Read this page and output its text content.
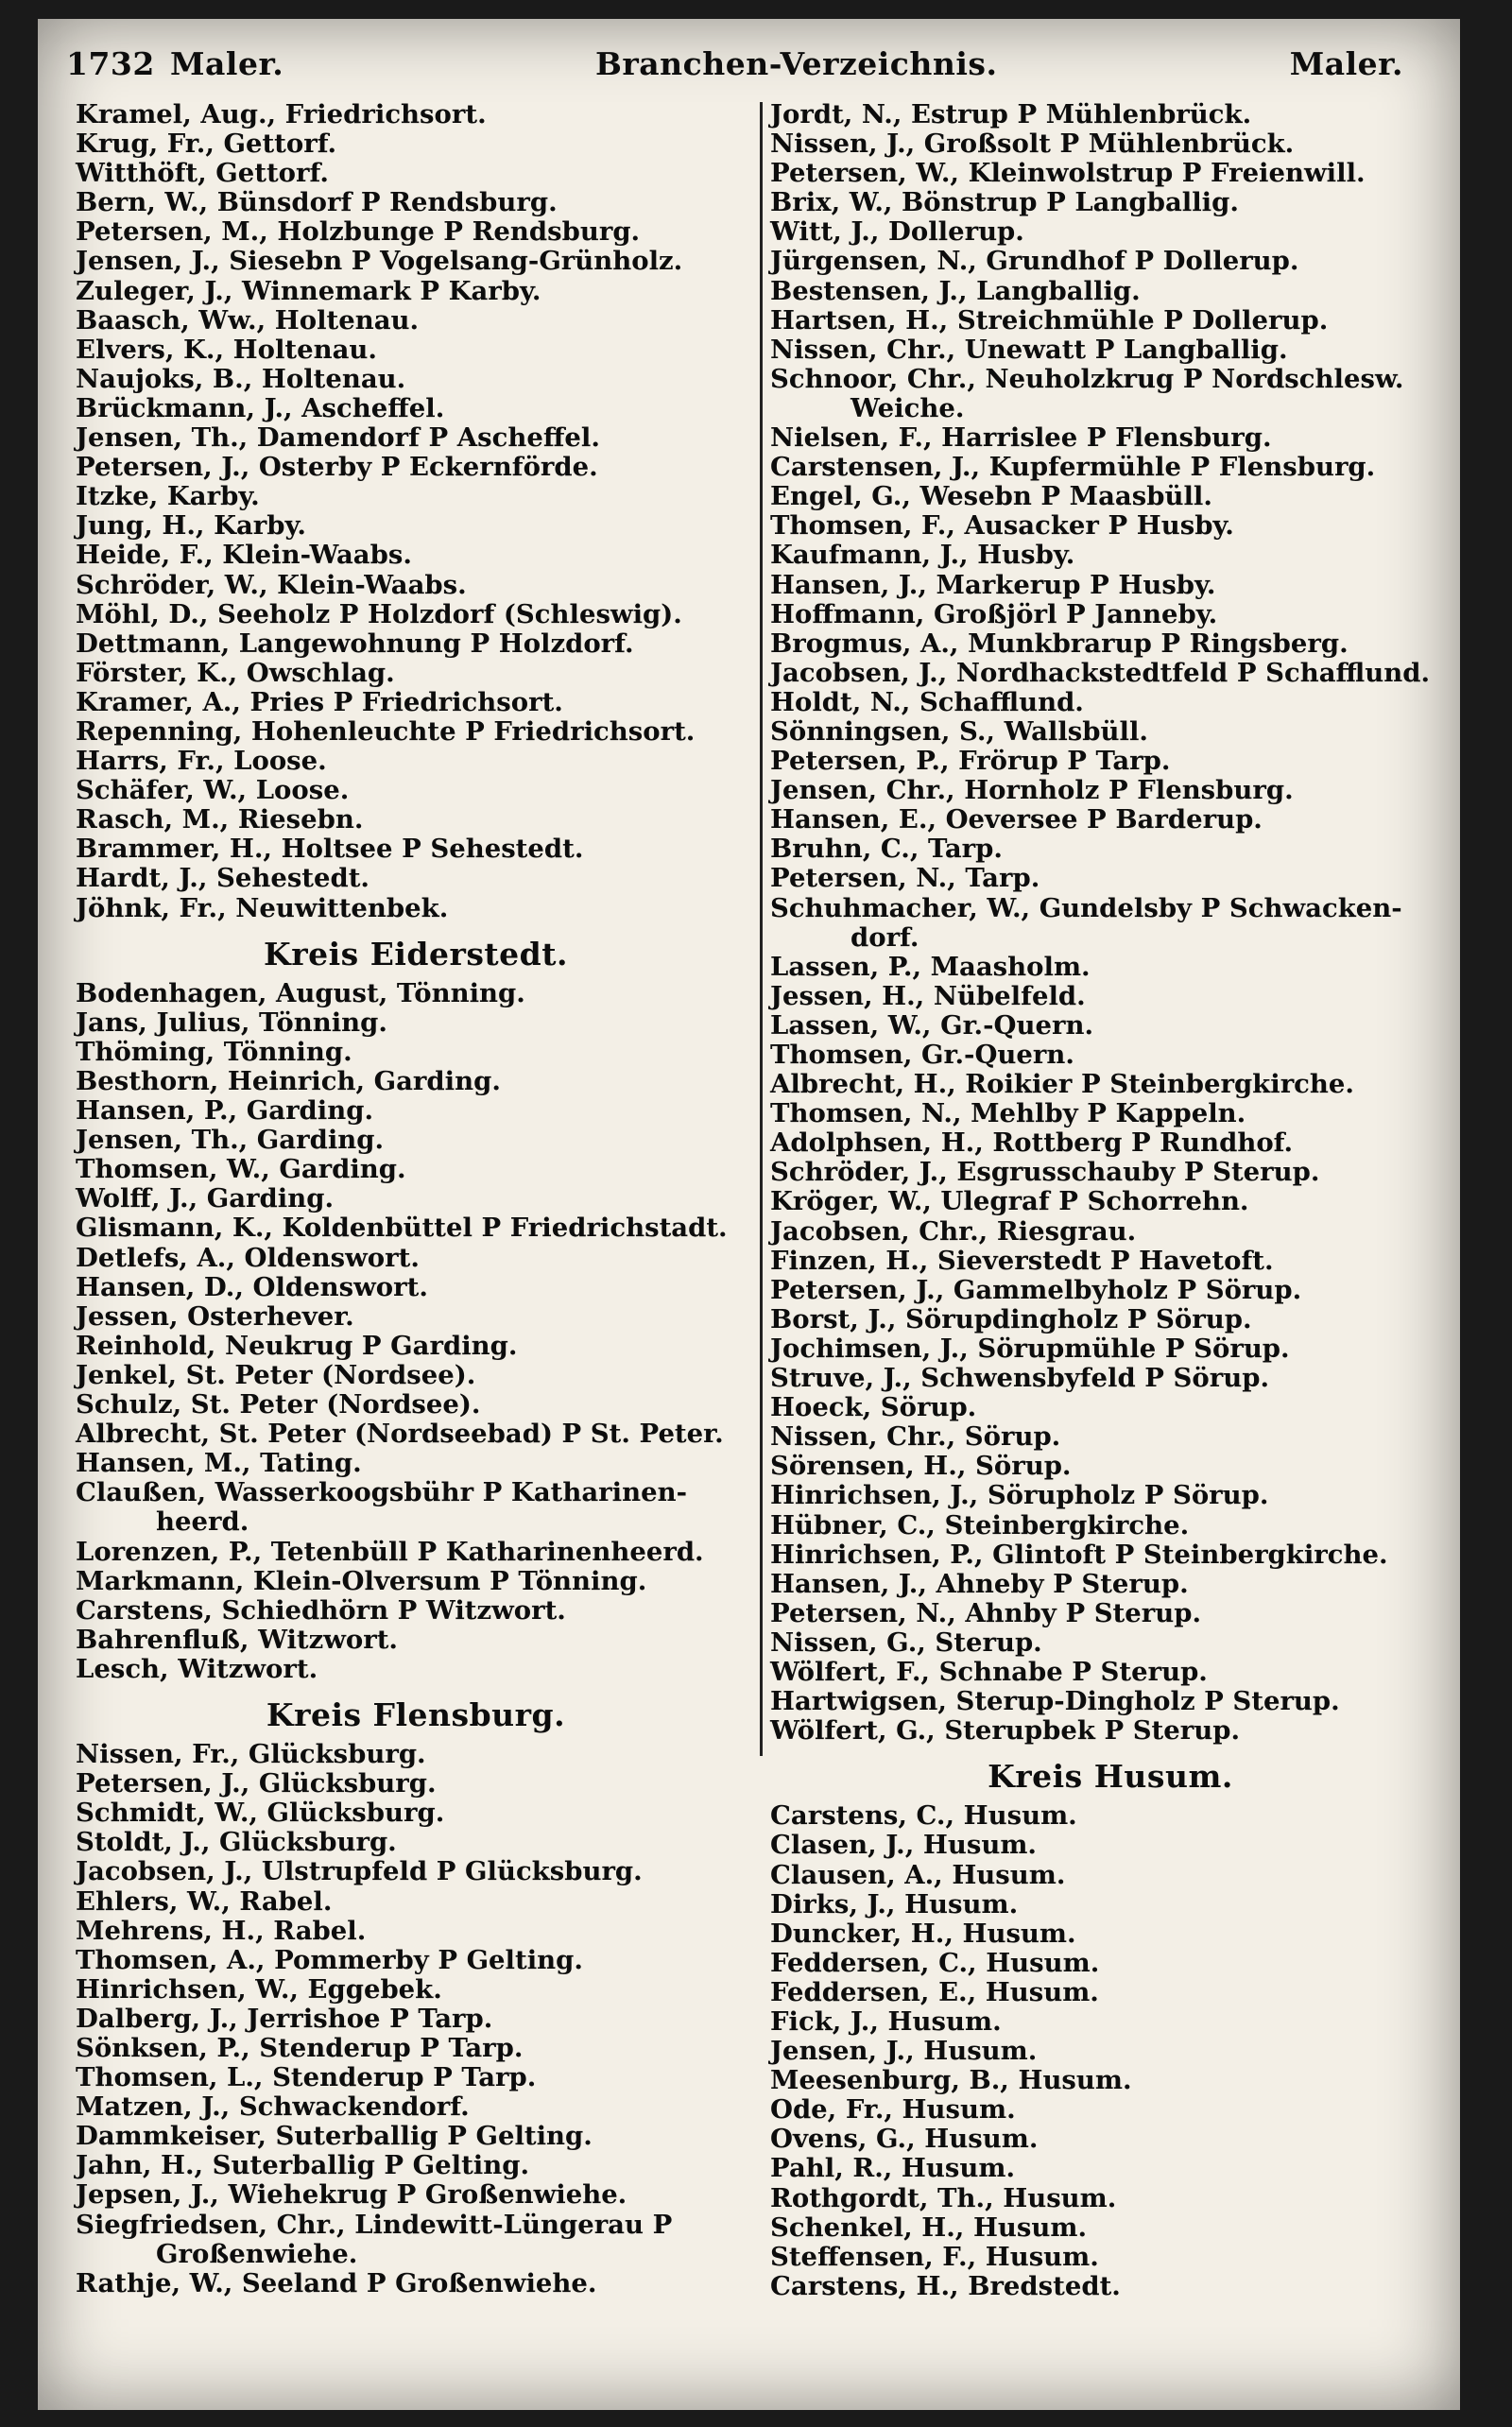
1732 Maler.	Branchen-Verzeichnis.	Maler.
Kramel, Aug., Friedrichsort.
Krug, Fr., Gettorf.
Witthöft, Gettorf.
Bern, W., Bünsdorf P Rendsburg.
Petersen, M., Holzbunge P Rendsburg.
Jensen, J., Siesebn P Vogelsang-Grünholz.
Zuleger, J., Winnemark P Karby.
Baasch, Ww., Holtenau.
Elvers, K., Holtenau.
Naujoks, B., Holtenau.
Brückmann, J., Ascheffel.
Jensen, Th., Damendorf P Ascheffel.
Petersen, J., Osterby P Eckernförde.
Itzke, Karby.
Jung, H., Karby.
Heide, F., Klein-Waabs.
Schröder, W., Klein-Waabs.
Möhl, D., Seeholz P Holzdorf (Schleswig).
Dettmann, Langewohnung P Holzdorf.
Förster, K., Owschlag.
Kramer, A., Pries P Friedrichsort.
Repenning, Hohenleuchte P Friedrichsort.
Harrs, Fr., Loose.
Schäfer, W., Loose.
Rasch, M., Riesebn.
Brammer, H., Holtsee P Sehestedt.
Hardt, J., Sehestedt.
Jöhnk, Fr., Neuwittenbek.
Kreis Eiderstedt.
Bodenhagen, August, Tönning.
Jans, Julius, Tönning.
Thöming, Tönning.
Besthorn, Heinrich, Garding.
Hansen, P., Garding.
Jensen, Th., Garding.
Thomsen, W., Garding.
Wolff, J., Garding.
Glismann, K., Koldenbüttel P Friedrichstadt.
Detlefs, A., Oldenswort.
Hansen, D., Oldenswort.
Jessen, Osterhever.
Reinhold, Neukrug P Garding.
Jenkel, St. Peter (Nordsee).
Schulz, St. Peter (Nordsee).
Albrecht, St. Peter (Nordseebad) P St. Peter.
Hansen, M., Tating.
Claußen, Wasserkoogsbühr P Katharinen-
heerd.
Lorenzen, P., Tetenbüll P Katharinenheerd.
Markmann, Klein-Olversum P Tönning.
Carstens, Schiedhörn P Witzwort.
Bahrenfluß, Witzwort.
Lesch, Witzwort.
Kreis Flensburg.
Nissen, Fr., Glücksburg.
Petersen, J., Glücksburg.
Schmidt, W., Glücksburg.
Stoldt, J., Glücksburg.
Jacobsen, J., Ulstrupfeld P Glücksburg.
Ehlers, W., Rabel.
Mehrens, H., Rabel.
Thomsen, A., Pommerby P Gelting.
Hinrichsen, W., Eggebek.
Dalberg, J., Jerrishoe P Tarp.
Sönksen, P., Stenderup P Tarp.
Thomsen, L., Stenderup P Tarp.
Matzen, J., Schwackendorf.
Dammkeiser, Suterballig P Gelting.
Jahn, H., Suterballig P Gelting.
Jepsen, J., Wiehekrug P Großenwiehe.
Siegfriedsen, Chr., Lindewitt-Lüngerau P
Großenwiehe.
Rathje, W., Seeland P Großenwiehe.
Jordt, N., Estrup P Mühlenbrück.
Nissen, J., Großsolt P Mühlenbrück.
Petersen, W., Kleinwolstrup P Freienwill.
Brix, W., Bönstrup P Langballig.
Witt, J., Dollerup.
Jürgensen, N., Grundhof P Dollerup.
Bestensen, J., Langballig.
Hartsen, H., Streichmühle P Dollerup.
Nissen, Chr., Unewatt P Langballig.
Schnoor, Chr., Neuholzkrug P Nordschlesw.
Weiche.
Nielsen, F., Harrislee P Flensburg.
Carstensen, J., Kupfermühle P Flensburg.
Engel, G., Wesebn P Maasbüll.
Thomsen, F., Ausacker P Husby.
Kaufmann, J., Husby.
Hansen, J., Markerup P Husby.
Hoffmann, Großjörl P Janneby.
Brogmus, A., Munkbrarup P Ringsberg.
Jacobsen, J., Nordhackstedtfeld P Schafflund.
Holdt, N., Schafflund.
Sönningsen, S., Wallsbüll.
Petersen, P., Frörup P Tarp.
Jensen, Chr., Hornholz P Flensburg.
Hansen, E., Oeversee P Barderup.
Bruhn, C., Tarp.
Petersen, N., Tarp.
Schuhmacher, W., Gundelsby P Schwacken-
dorf.
Lassen, P., Maasholm.
Jessen, H., Nübelfeld.
Lassen, W., Gr.-Quern.
Thomsen, Gr.-Quern.
Albrecht, H., Roikier P Steinbergkirche.
Thomsen, N., Mehlby P Kappeln.
Adolphsen, H., Rottberg P Rundhof.
Schröder, J., Esgrusschauby P Sterup.
Kröger, W., Ulegraf P Schorrehn.
Jacobsen, Chr., Riesgrau.
Finzen, H., Sieverstedt P Havetoft.
Petersen, J., Gammelbyholz P Sörup.
Borst, J., Sörupdingholz P Sörup.
Jochimsen, J., Sörupmühle P Sörup.
Struve, J., Schwensbyfeld P Sörup.
Hoeck, Sörup.
Nissen, Chr., Sörup.
Sörensen, H., Sörup.
Hinrichsen, J., Sörupholz P Sörup.
Hübner, C., Steinbergkirche.
Hinrichsen, P., Glintoft P Steinbergkirche.
Hansen, J., Ahneby P Sterup.
Petersen, N., Ahnby P Sterup.
Nissen, G., Sterup.
Wölfert, F., Schnabe P Sterup.
Hartwigsen, Sterup-Dingholz P Sterup.
Wölfert, G., Sterupbek P Sterup.
Kreis Husum.
Carstens, C., Husum.
Clasen, J., Husum.
Clausen, A., Husum.
Dirks, J., Husum.
Duncker, H., Husum.
Feddersen, C., Husum.
Feddersen, E., Husum.
Fick, J., Husum.
Jensen, J., Husum.
Meesenburg, B., Husum.
Ode, Fr., Husum.
Ovens, G., Husum.
Pahl, R., Husum.
Rothgordt, Th., Husum.
Schenkel, H., Husum.
Steffensen, F., Husum.
Carstens, H., Bredstedt.
